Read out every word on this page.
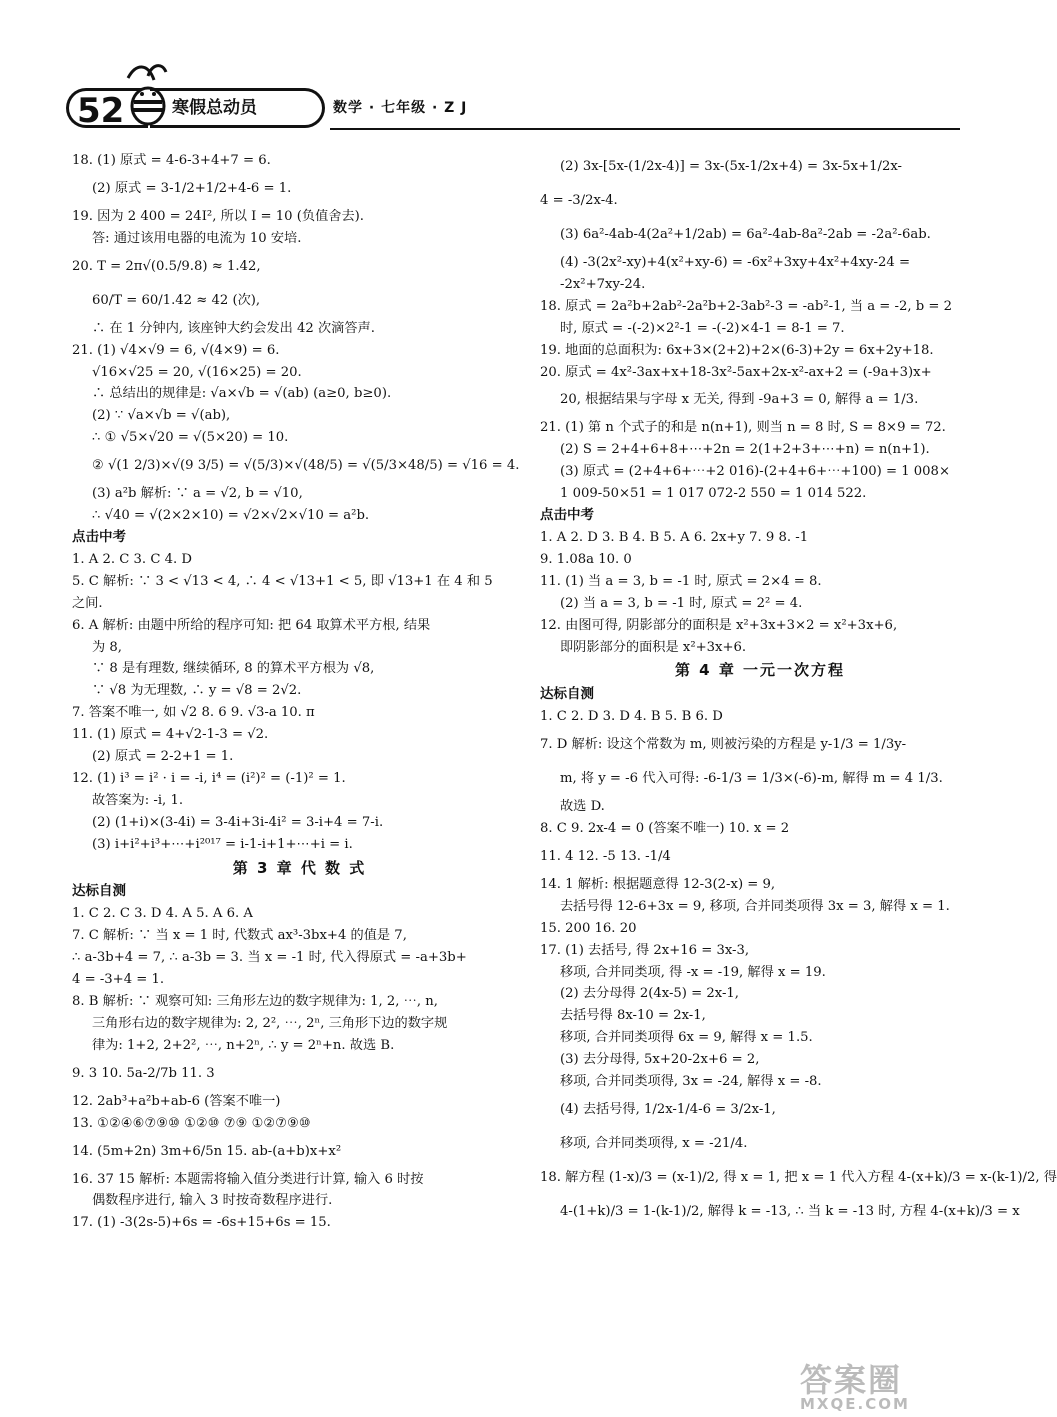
52	寒假总动员	数学 · 七年级 · Z J
18. (1) 原式 = 4-6-3+4+7 = 6.
(2) 原式 = 3-1/2+1/2+4-6 = 1.
19. 因为 2 400 = 24I², 所以 I = 10 (负值舍去).
答: 通过该用电器的电流为 10 安培.
20. T = 2π√(0.5/9.8) ≈ 1.42,
60/T = 60/1.42 ≈ 42 (次),
∴ 在 1 分钟内, 该座钟大约会发出 42 次滴答声.
21. (1) √4×√9 = 6, √(4×9) = 6.
√16×√25 = 20, √(16×25) = 20.
∴ 总结出的规律是: √a×√b = √(ab) (a≥0, b≥0).
(2) ∵ √a×√b = √(ab),
∴ ① √5×√20 = √(5×20) = 10.
② √(1 2/3)×√(9 3/5) = √(5/3)×√(48/5) = √(5/3×48/5) = √16 = 4.
(3) a²b 解析: ∵ a = √2, b = √10,
∴ √40 = √(2×2×10) = √2×√2×√10 = a²b.
点击中考
1. A 2. C 3. C 4. D
5. C 解析: ∵ 3 < √13 < 4, ∴ 4 < √13+1 < 5, 即 √13+1 在 4 和 5
之间.
6. A 解析: 由题中所给的程序可知: 把 64 取算术平方根, 结果
为 8,
∵ 8 是有理数, 继续循环, 8 的算术平方根为 √8,
∵ √8 为无理数, ∴ y = √8 = 2√2.
7. 答案不唯一, 如 √2 8. 6 9. √3-a 10. π
11. (1) 原式 = 4+√2-1-3 = √2.
(2) 原式 = 2-2+1 = 1.
12. (1) i³ = i² · i = -i, i⁴ = (i²)² = (-1)² = 1.
故答案为: -i, 1.
(2) (1+i)×(3-4i) = 3-4i+3i-4i² = 3-i+4 = 7-i.
(3) i+i²+i³+⋯+i²⁰¹⁷ = i-1-i+1+⋯+i = i.
第 3 章 代 数 式
达标自测
1. C 2. C 3. D 4. A 5. A 6. A
7. C 解析: ∵ 当 x = 1 时, 代数式 ax³-3bx+4 的值是 7,
∴ a-3b+4 = 7, ∴ a-3b = 3. 当 x = -1 时, 代入得原式 = -a+3b+
4 = -3+4 = 1.
8. B 解析: ∵ 观察可知: 三角形左边的数字规律为: 1, 2, ⋯, n,
三角形右边的数字规律为: 2, 2², ⋯, 2ⁿ, 三角形下边的数字规
律为: 1+2, 2+2², ⋯, n+2ⁿ, ∴ y = 2ⁿ+n. 故选 B.
9. 3 10. 5a-2/7b 11. 3
12. 2ab³+a²b+ab-6 (答案不唯一)
13. ①②④⑥⑦⑨⑩ ①②⑩ ⑦⑨ ①②⑦⑨⑩
14. (5m+2n) 3m+6/5n 15. ab-(a+b)x+x²
16. 37 15 解析: 本题需将输入值分类进行计算, 输入 6 时按
偶数程序进行, 输入 3 时按奇数程序进行.
17. (1) -3(2s-5)+6s = -6s+15+6s = 15.
(2) 3x-[5x-(1/2x-4)] = 3x-(5x-1/2x+4) = 3x-5x+1/2x-
4 = -3/2x-4.
(3) 6a²-4ab-4(2a²+1/2ab) = 6a²-4ab-8a²-2ab = -2a²-6ab.
(4) -3(2x²-xy)+4(x²+xy-6) = -6x²+3xy+4x²+4xy-24 =
-2x²+7xy-24.
18. 原式 = 2a²b+2ab²-2a²b+2-3ab²-3 = -ab²-1, 当 a = -2, b = 2
时, 原式 = -(-2)×2²-1 = -(-2)×4-1 = 8-1 = 7.
19. 地面的总面积为: 6x+3×(2+2)+2×(6-3)+2y = 6x+2y+18.
20. 原式 = 4x²-3ax+x+18-3x²-5ax+2x-x²-ax+2 = (-9a+3)x+
20, 根据结果与字母 x 无关, 得到 -9a+3 = 0, 解得 a = 1/3.
21. (1) 第 n 个式子的和是 n(n+1), 则当 n = 8 时, S = 8×9 = 72.
(2) S = 2+4+6+8+⋯+2n = 2(1+2+3+⋯+n) = n(n+1).
(3) 原式 = (2+4+6+⋯+2 016)-(2+4+6+⋯+100) = 1 008×
1 009-50×51 = 1 017 072-2 550 = 1 014 522.
点击中考
1. A 2. D 3. B 4. B 5. A 6. 2x+y 7. 9 8. -1
9. 1.08a 10. 0
11. (1) 当 a = 3, b = -1 时, 原式 = 2×4 = 8.
(2) 当 a = 3, b = -1 时, 原式 = 2² = 4.
12. 由图可得, 阴影部分的面积是 x²+3x+3×2 = x²+3x+6,
即阴影部分的面积是 x²+3x+6.
第 4 章 一元一次方程
达标自测
1. C 2. D 3. D 4. B 5. B 6. D
7. D 解析: 设这个常数为 m, 则被污染的方程是 y-1/3 = 1/3y-
m, 将 y = -6 代入可得: -6-1/3 = 1/3×(-6)-m, 解得 m = 4 1/3.
故选 D.
8. C 9. 2x-4 = 0 (答案不唯一) 10. x = 2
11. 4 12. -5 13. -1/4
14. 1 解析: 根据题意得 12-3(2-x) = 9,
去括号得 12-6+3x = 9, 移项, 合并同类项得 3x = 3, 解得 x = 1.
15. 200 16. 20
17. (1) 去括号, 得 2x+16 = 3x-3,
移项, 合并同类项, 得 -x = -19, 解得 x = 19.
(2) 去分母得 2(4x-5) = 2x-1,
去括号得 8x-10 = 2x-1,
移项, 合并同类项得 6x = 9, 解得 x = 1.5.
(3) 去分母得, 5x+20-2x+6 = 2,
移项, 合并同类项得, 3x = -24, 解得 x = -8.
(4) 去括号得, 1/2x-1/4-6 = 3/2x-1,
移项, 合并同类项得, x = -21/4.
18. 解方程 (1-x)/3 = (x-1)/2, 得 x = 1, 把 x = 1 代入方程 4-(x+k)/3 = x-(k-1)/2, 得
4-(1+k)/3 = 1-(k-1)/2, 解得 k = -13, ∴ 当 k = -13 时, 方程 4-(x+k)/3 = x
答案圈
MXQE.COM
